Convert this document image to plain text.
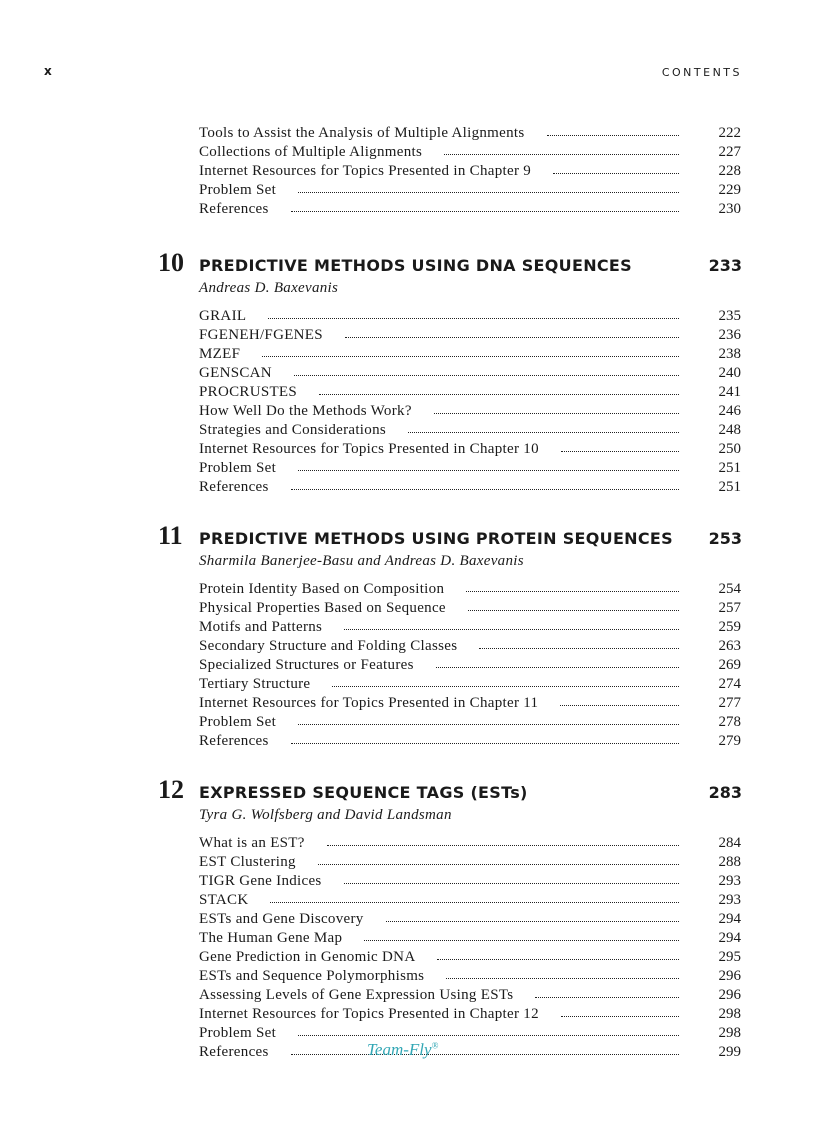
x	CONTENTS
Tools to Assist the Analysis of Multiple Alignments	222
Collections of Multiple Alignments	227
Internet Resources for Topics Presented in Chapter 9	228
Problem Set	229
References	230
10 PREDICTIVE METHODS USING DNA SEQUENCES	233
Andreas D. Baxevanis
GRAIL	235
FGENEH/FGENES	236
MZEF	238
GENSCAN	240
PROCRUSTES	241
How Well Do the Methods Work?	246
Strategies and Considerations	248
Internet Resources for Topics Presented in Chapter 10	250
Problem Set	251
References	251
11 PREDICTIVE METHODS USING PROTEIN SEQUENCES 253
Sharmila Banerjee-Basu and Andreas D. Baxevanis
Protein Identity Based on Composition	254
Physical Properties Based on Sequence	257
Motifs and Patterns	259
Secondary Structure and Folding Classes	263
Specialized Structures or Features	269
Tertiary Structure	274
Internet Resources for Topics Presented in Chapter 11	277
Problem Set	278
References	279
12 EXPRESSED SEQUENCE TAGS (ESTs)	283
Tyra G. Wolfsberg and David Landsman
What is an EST?	284
EST Clustering	288
TIGR Gene Indices	293
STACK	293
ESTs and Gene Discovery	294
The Human Gene Map	294
Gene Prediction in Genomic DNA	295
ESTs and Sequence Polymorphisms	296
Assessing Levels of Gene Expression Using ESTs	296
Internet Resources for Topics Presented in Chapter 12	298
Problem Set	298
References	299
Team-Fly®
